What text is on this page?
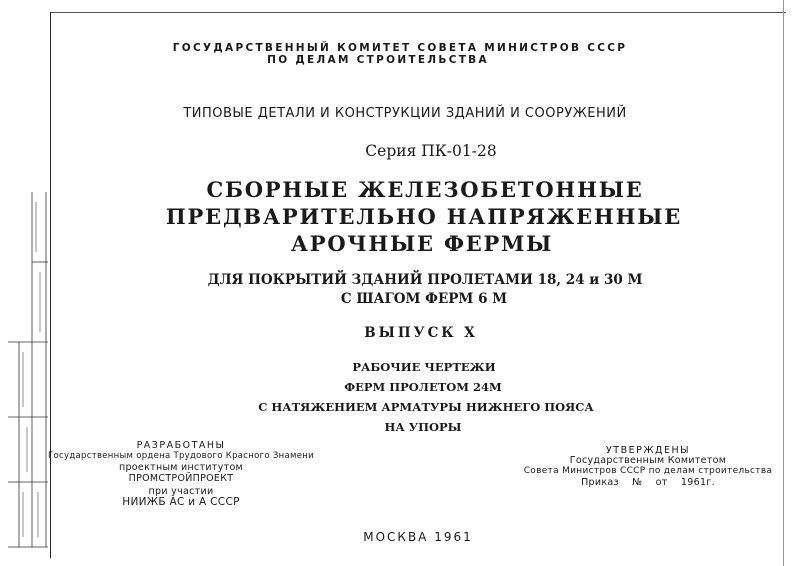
ГОСУДАРСТВЕННЫЙ КОМИТЕТ СОВЕТА МИНИСТРОВ СССР
ПО ДЕЛАМ СТРОИТЕЛЬСТВА
ТИПОВЫЕ ДЕТАЛИ И КОНСТРУКЦИИ ЗДАНИЙ И СООРУЖЕНИЙ
Серия ПК-01-28
СБОРНЫЕ ЖЕЛЕЗОБЕТОННЫЕ
ПРЕДВАРИТЕЛЬНО НАПРЯЖЕННЫЕ
АРОЧНЫЕ ФЕРМЫ
ДЛЯ ПОКРЫТИЙ ЗДАНИЙ ПРОЛЕТАМИ 18, 24 и 30 М
С ШАГОМ ФЕРМ 6 М
ВЫПУСК Х
РАБОЧИЕ ЧЕРТЕЖИ
ФЕРМ ПРОЛЕТОМ 24М
С НАТЯЖЕНИЕМ АРМАТУРЫ НИЖНЕГО ПОЯСА
НА УПОРЫ
РАЗРАБОТАНЫ
Государственным ордена Трудового Красного Знамени
проектным институтом
ПРОМСТРОЙПРОЕКТ
при участии
НИИЖБ АС и А СССР
УТВЕРЖДЕНЫ
Государственным Комитетом
Совета Министров СССР по делам строительства
Приказ № от 1961г.
МОСКВА 1961
